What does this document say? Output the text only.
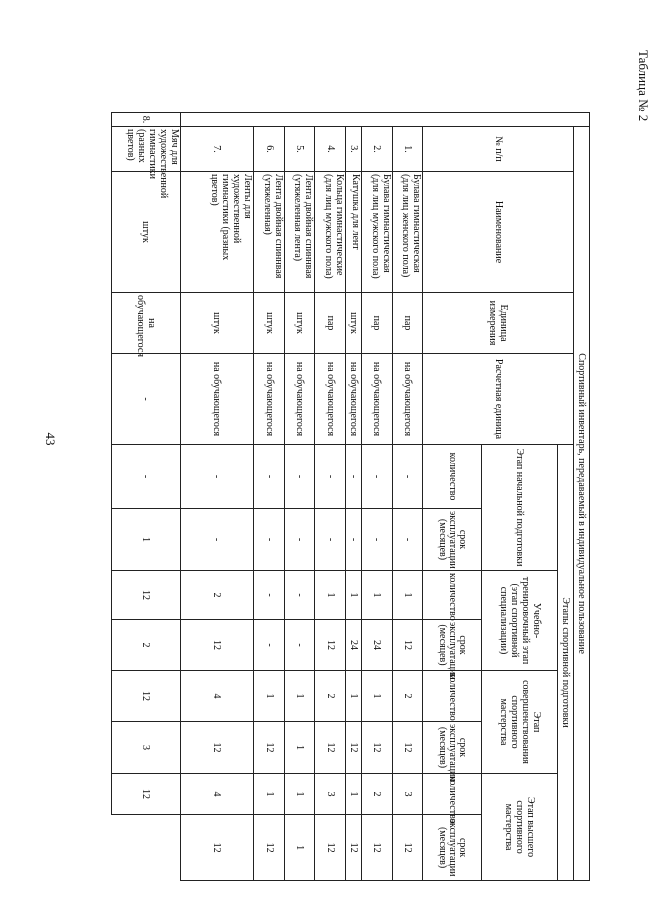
43
Таблица № 2
	Спортивный инвентарь, передаваемый в индивидуальное пользование											
	№ п/п	Наименование	Единица измерения	Расчетная единица	Этапы спортивной подготовки							
					Этап начальной подготовки		Учебно-тренировочный этап (этап спортивной специализации)		Этап совершенствования спортивного мастерства		Этап высшего спортивного мастерства	
					количество	срок эксплуатации (месяцев)	количество	срок эксплуатации (месяцев)	количество	срок эксплуатации (месяцев)	количество	срок эксплуатации (месяцев)
	1.	Булава гимнастическая (для лиц женского пола)	пар	на обучающегося	-	-	1	12	2	12	3	12
	2.	Булава гимнастическая (для лиц мужского пола)	пар	на обучающегося	-	-	1	24	1	12	2	12
	3.	Катушка для лент	штук	на обучающегося	-	-	1	24	1	12	1	12
	4.	Кольца гимнастические (для лиц мужского пола)	пар	на обучающегося	-	-	1	12	2	12	3	12
	5.	Лента двойная спиннвая (утяжеленная лента)	штук	на обучающегося	-	-	-	-	1	1	1	1
	6.	Лента двойная спиннвая (утяжеленная)	штук	на обучающегося	-	-	-	-	1	12	1	12
	7.	Ленты для художественной гимнастики (разных цветов)	штук	на обучающегося	-	-	2	12	4	12	4	12
8.	Мяч для художественной гимнастики (разных цветов)	штук	на обучающегося	-	-	1	12	2	12	3	12	
